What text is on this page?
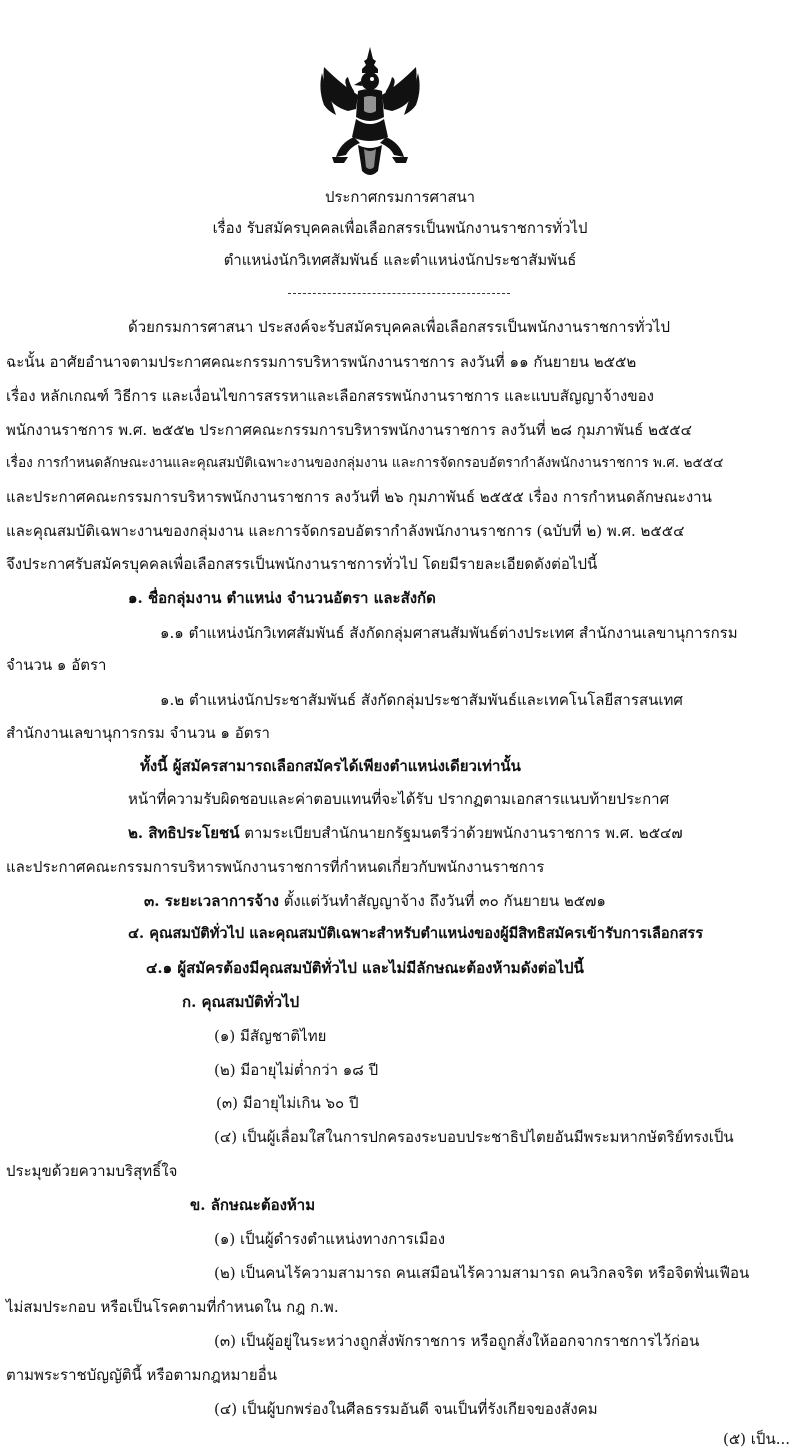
ประกาศกรมการศาสนา
เรื่อง รับสมัครบุคคลเพื่อเลือกสรรเป็นพนักงานราชการทั่วไป
ตำแหน่งนักวิเทศสัมพันธ์ และตำแหน่งนักประชาสัมพันธ์
ด้วยกรมการศาสนา ประสงค์จะรับสมัครบุคคลเพื่อเลือกสรรเป็นพนักงานราชการทั่วไป
ฉะนั้น อาศัยอำนาจตามประกาศคณะกรรมการบริหารพนักงานราชการ ลงวันที่ ๑๑ กันยายน ๒๕๕๒
เรื่อง หลักเกณฑ์ วิธีการ และเงื่อนไขการสรรหาและเลือกสรรพนักงานราชการ และแบบสัญญาจ้างของ
พนักงานราชการ พ.ศ. ๒๕๕๒ ประกาศคณะกรรมการบริหารพนักงานราชการ ลงวันที่ ๒๘ กุมภาพันธ์ ๒๕๕๔
เรื่อง การกำหนดลักษณะงานและคุณสมบัติเฉพาะงานของกลุ่มงาน และการจัดกรอบอัตรากำลังพนักงานราชการ พ.ศ. ๒๕๕๔
และประกาศคณะกรรมการบริหารพนักงานราชการ ลงวันที่ ๒๖ กุมภาพันธ์ ๒๕๕๕ เรื่อง การกำหนดลักษณะงาน
และคุณสมบัติเฉพาะงานของกลุ่มงาน และการจัดกรอบอัตรากำลังพนักงานราชการ (ฉบับที่ ๒) พ.ศ. ๒๕๕๔
จึงประกาศรับสมัครบุคคลเพื่อเลือกสรรเป็นพนักงานราชการทั่วไป โดยมีรายละเอียดดังต่อไปนี้
๑. ชื่อกลุ่มงาน ตำแหน่ง จำนวนอัตรา และสังกัด
๑.๑ ตำแหน่งนักวิเทศสัมพันธ์ สังกัดกลุ่มศาสนสัมพันธ์ต่างประเทศ สำนักงานเลขานุการกรม
จำนวน ๑ อัตรา
๑.๒ ตำแหน่งนักประชาสัมพันธ์ สังกัดกลุ่มประชาสัมพันธ์และเทคโนโลยีสารสนเทศ
สำนักงานเลขานุการกรม จำนวน ๑ อัตรา
ทั้งนี้ ผู้สมัครสามารถเลือกสมัครได้เพียงตำแหน่งเดียวเท่านั้น
หน้าที่ความรับผิดชอบและค่าตอบแทนที่จะได้รับ ปรากฏตามเอกสารแนบท้ายประกาศ
๒. สิทธิประโยชน์ ตามระเบียบสำนักนายกรัฐมนตรีว่าด้วยพนักงานราชการ พ.ศ. ๒๕๔๗
และประกาศคณะกรรมการบริหารพนักงานราชการที่กำหนดเกี่ยวกับพนักงานราชการ
๓. ระยะเวลาการจ้าง ตั้งแต่วันทำสัญญาจ้าง ถึงวันที่ ๓๐ กันยายน ๒๕๗๑
๔. คุณสมบัติทั่วไป และคุณสมบัติเฉพาะสำหรับตำแหน่งของผู้มีสิทธิสมัครเข้ารับการเลือกสรร
๔.๑ ผู้สมัครต้องมีคุณสมบัติทั่วไป และไม่มีลักษณะต้องห้ามดังต่อไปนี้
ก. คุณสมบัติทั่วไป
(๑) มีสัญชาติไทย
(๒) มีอายุไม่ต่ำกว่า ๑๘ ปี
(๓) มีอายุไม่เกิน ๖๐ ปี
(๔) เป็นผู้เลื่อมใสในการปกครองระบอบประชาธิปไตยอันมีพระมหากษัตริย์ทรงเป็น
ประมุขด้วยความบริสุทธิ์ใจ
ข. ลักษณะต้องห้าม
(๑) เป็นผู้ดำรงตำแหน่งทางการเมือง
(๒) เป็นคนไร้ความสามารถ คนเสมือนไร้ความสามารถ คนวิกลจริต หรือจิตฟั่นเฟือน
ไม่สมประกอบ หรือเป็นโรคตามที่กำหนดใน กฎ ก.พ.
(๓) เป็นผู้อยู่ในระหว่างถูกสั่งพักราชการ หรือถูกสั่งให้ออกจากราชการไว้ก่อน
ตามพระราชบัญญัตินี้ หรือตามกฎหมายอื่น
(๔) เป็นผู้บกพร่องในศีลธรรมอันดี จนเป็นที่รังเกียจของสังคม
(๕) เป็น...
